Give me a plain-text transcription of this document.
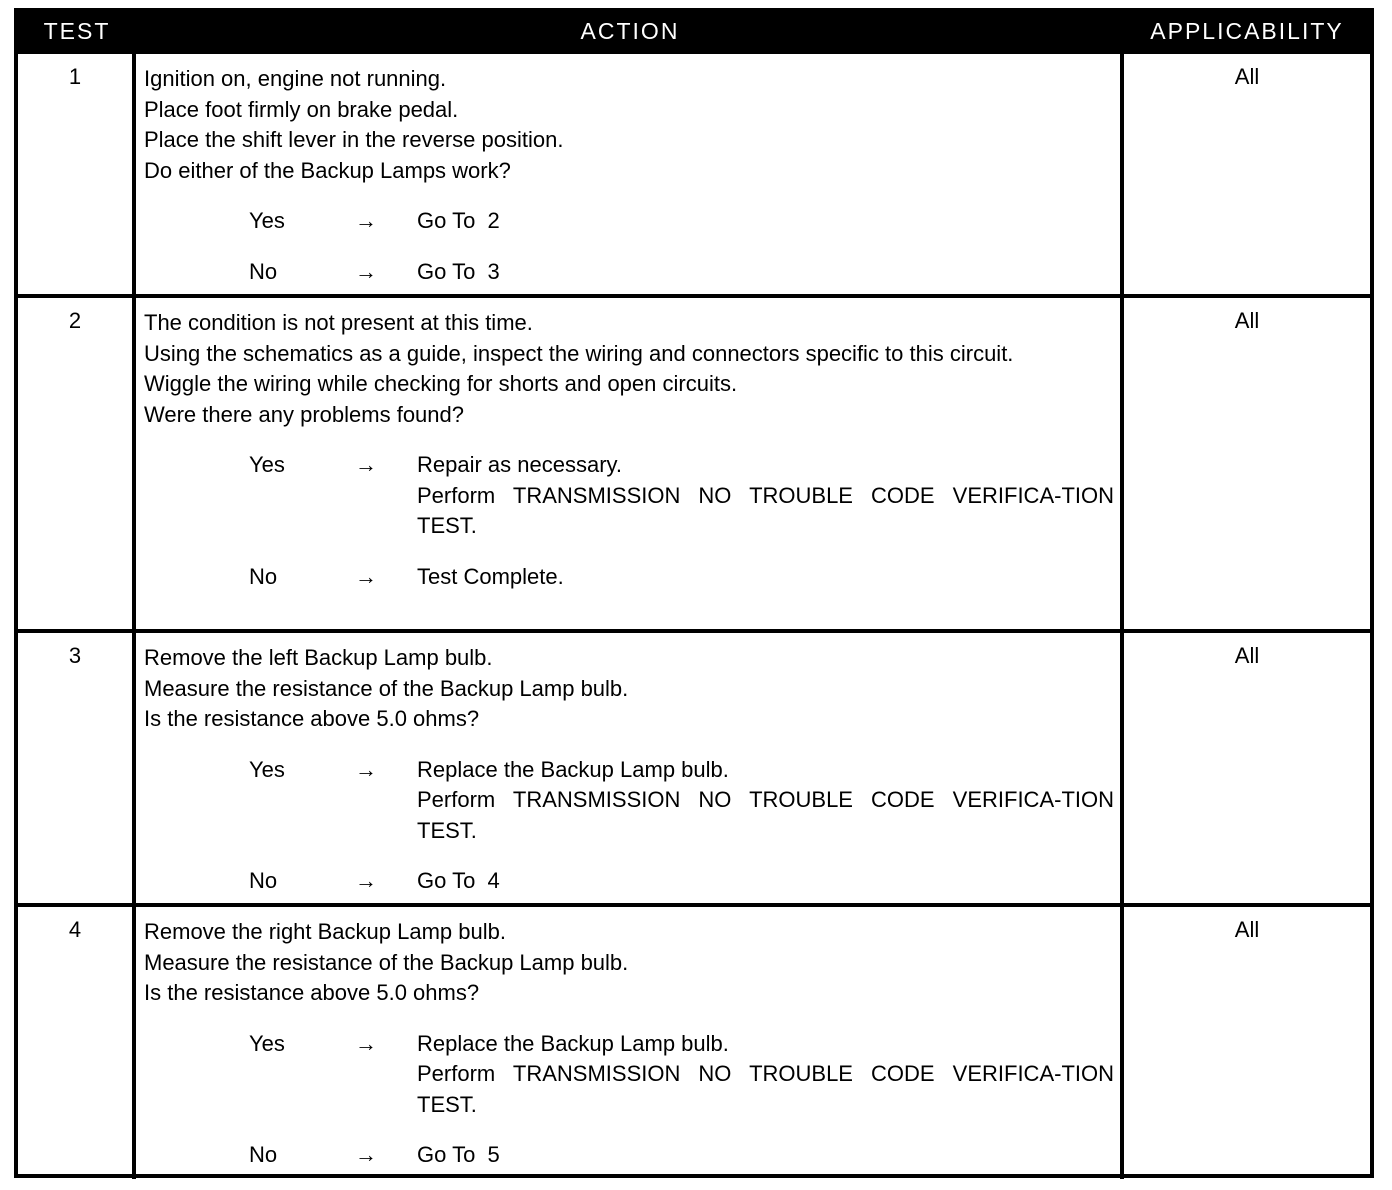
TEST	ACTION	APPLICABILITY
1	Ignition on, engine not running.
Place foot firmly on brake pedal.
Place the shift lever in the reverse position.
Do either of the Backup Lamps work?
Yes	→	Go To  2
No	→	Go To  3
All
2	The condition is not present at this time.
Using the schematics as a guide, inspect the wiring and connectors specific to this circuit.
Wiggle the wiring while checking for shorts and open circuits.
Were there any problems found?
Yes	→	Repair as necessary.
Perform TRANSMISSION NO TROUBLE CODE VERIFICA-TION TEST.
No	→	Test Complete.
All
3	Remove the left Backup Lamp bulb.
Measure the resistance of the Backup Lamp bulb.
Is the resistance above 5.0 ohms?
Yes	→	Replace the Backup Lamp bulb.
Perform TRANSMISSION NO TROUBLE CODE VERIFICA-TION TEST.
No	→	Go To  4
All
4	Remove the right Backup Lamp bulb.
Measure the resistance of the Backup Lamp bulb.
Is the resistance above 5.0 ohms?
Yes	→	Replace the Backup Lamp bulb.
Perform TRANSMISSION NO TROUBLE CODE VERIFICA-TION TEST.
No	→	Go To  5
All
